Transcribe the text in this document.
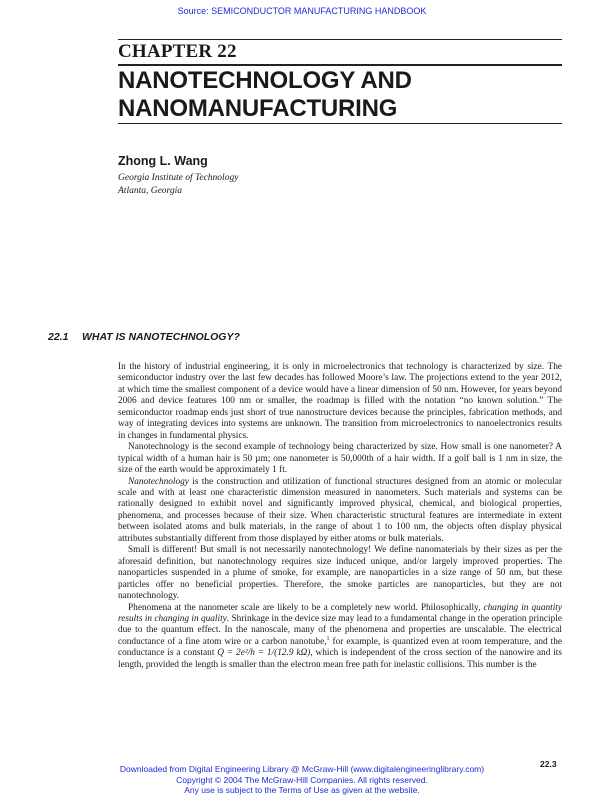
Source: SEMICONDUCTOR MANUFACTURING HANDBOOK
CHAPTER 22
NANOTECHNOLOGY AND
NANOMANUFACTURING
Zhong L. Wang
Georgia Institute of Technology
Atlanta, Georgia
22.1 WHAT IS NANOTECHNOLOGY?

In the history of industrial engineering, it is only in microelectronics that technology is characterized by size. The semiconductor industry over the last few decades has followed Moore’s law. The projections extend to the year 2012, at which time the smallest component of a device would have a linear dimension of 50 nm. However, for years beyond 2006 and device features 100 nm or smaller, the roadmap is filled with the notation “no known solution.” The semiconductor roadmap ends just short of true nanostructure devices because the principles, fabrication methods, and way of integrating devices into systems are unknown. The transition from microelectronics to nanoelectronics results in changes in fundamental physics.

Nanotechnology is the second example of technology being characterized by size. How small is one nanometer? A typical width of a human hair is 50 µm; one nanometer is 50,000th of a hair width. If a golf ball is 1 nm in size, the size of the earth would be approximately 1 ft.

Nanotechnology is the construction and utilization of functional structures designed from an atomic or molecular scale and with at least one characteristic dimension measured in nanometers. Such materials and systems can be rationally designed to exhibit novel and significantly improved physical, chemical, and biological properties, phenomena, and processes because of their size. When characteristic structural features are intermediate in extent between isolated atoms and bulk materials, in the range of about 1 to 100 nm, the objects often display physical attributes substantially different from those displayed by either atoms or bulk materials.

Small is different! But small is not necessarily nanotechnology! We define nanomaterials by their sizes as per the aforesaid definition, but nanotechnology requires size induced unique, and/or largely improved properties. The nanoparticles suspended in a plume of smoke, for example, are nanoparticles in a size range of 50 nm, but these particles offer no beneficial properties. Therefore, the smoke particles are nanoparticles, but they are not nanotechnology.

Phenomena at the nanometer scale are likely to be a completely new world. Philosophically, changing in quantity results in changing in quality. Shrinkage in the device size may lead to a fundamental change in the operation principle due to the quantum effect. In the nanoscale, many of the phenomena and properties are unscalable. The electrical conductance of a fine atom wire or a carbon nanotube,$^1$ for example, is quantized even at room temperature, and the conductance is a constant Q = 2e²/h = 1/(12.9 kΩ), which is independent of the cross section of the nanowire and its length, provided the length is smaller than the electron mean free path for inelastic collisions. This number is the

22.3
Downloaded from Digital Engineering Library @ McGraw-Hill (www.digitalengineeringlibrary.com)
Copyright © 2004 The McGraw-Hill Companies. All rights reserved.
Any use is subject to the Terms of Use as given at the website.
